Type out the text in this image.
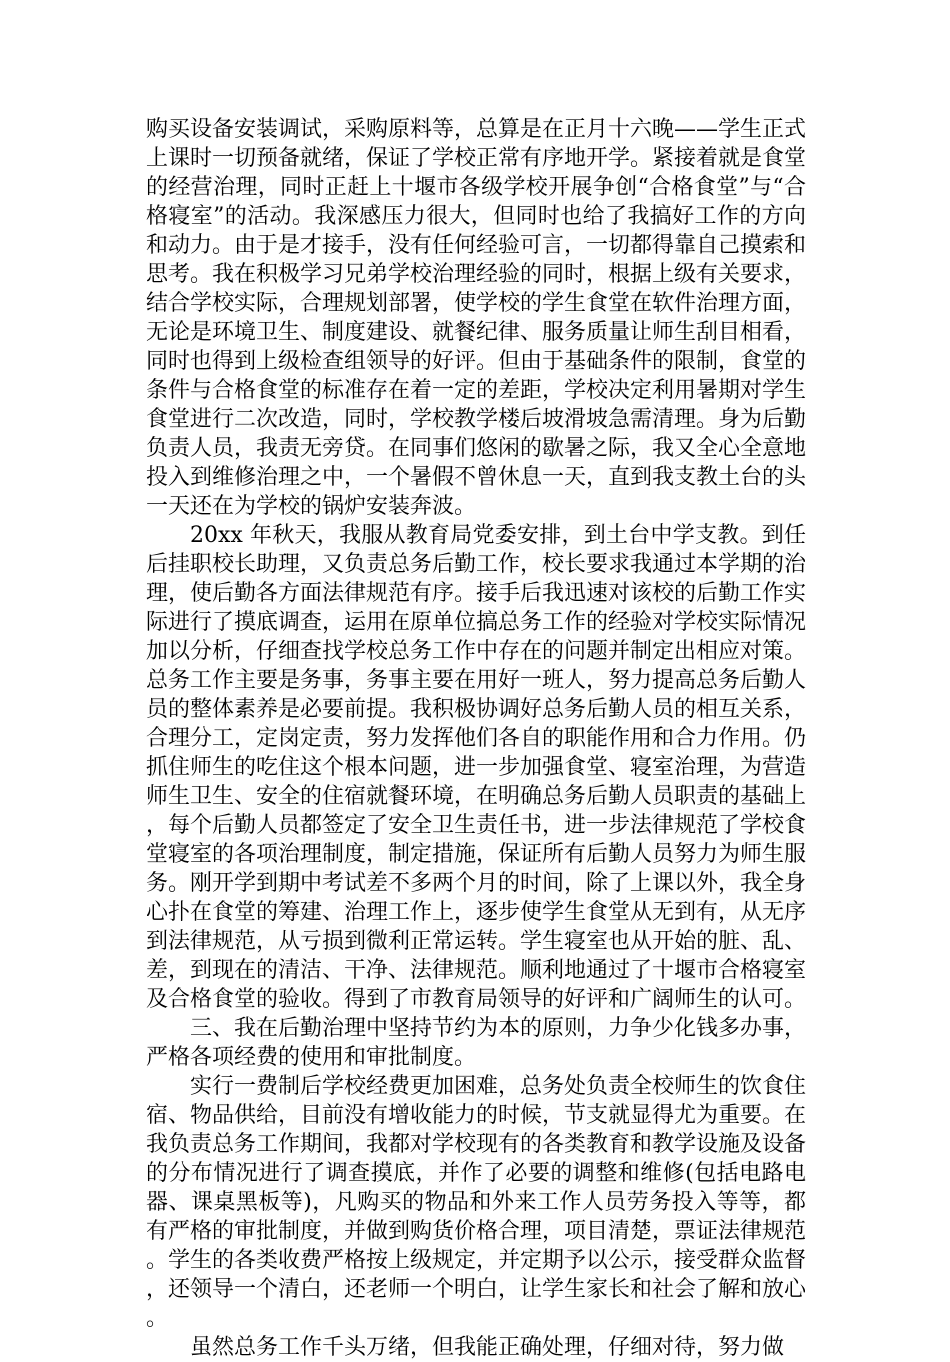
购买设备安装调试，采购原料等，总算是在正月十六晚——学生正式上课时一切预备就绪，保证了学校正常有序地开学。紧接着就是食堂的经营治理，同时正赶上十堰市各级学校开展争创“合格食堂”与“合格寝室”的活动。我深感压力很大，但同时也给了我搞好工作的方向和动力。由于是才接手，没有任何经验可言，一切都得靠自己摸索和思考。我在积极学习兄弟学校治理经验的同时，根据上级有关要求，结合学校实际，合理规划部署，使学校的学生食堂在软件治理方面，无论是环境卫生、制度建设、就餐纪律、服务质量让师生刮目相看，同时也得到上级检查组领导的好评。但由于基础条件的限制，食堂的条件与合格食堂的标准存在着一定的差距，学校决定利用暑期对学生食堂进行二次改造，同时，学校教学楼后坡滑坡急需清理。身为后勤负责人员，我责无旁贷。在同事们悠闲的歇暑之际，我又全心全意地投入到维修治理之中，一个暑假不曾休息一天，直到我支教土台的头一天还在为学校的锅炉安装奔波。

20xx 年秋天，我服从教育局党委安排，到土台中学支教。到任后挂职校长助理，又负责总务后勤工作，校长要求我通过本学期的治理，使后勤各方面法律规范有序。接手后我迅速对该校的后勤工作实际进行了摸底调查，运用在原单位搞总务工作的经验对学校实际情况加以分析，仔细查找学校总务工作中存在的问题并制定出相应对策。总务工作主要是务事，务事主要在用好一班人，努力提高总务后勤人员的整体素养是必要前提。我积极协调好总务后勤人员的相互关系，合理分工，定岗定责，努力发挥他们各自的职能作用和合力作用。仍抓住师生的吃住这个根本问题，进一步加强食堂、寝室治理，为营造师生卫生、安全的住宿就餐环境，在明确总务后勤人员职责的基础上，每个后勤人员都签定了安全卫生责任书，进一步法律规范了学校食堂寝室的各项治理制度，制定措施，保证所有后勤人员努力为师生服务。刚开学到期中考试差不多两个月的时间，除了上课以外，我全身心扑在食堂的筹建、治理工作上，逐步使学生食堂从无到有，从无序到法律规范，从亏损到微利正常运转。学生寝室也从开始的脏、乱、差，到现在的清洁、干净、法律规范。顺利地通过了十堰市合格寝室及合格食堂的验收。得到了市教育局领导的好评和广阔师生的认可。

三、我在后勤治理中坚持节约为本的原则，力争少化钱多办事，严格各项经费的使用和审批制度。

实行一费制后学校经费更加困难，总务处负责全校师生的饮食住宿、物品供给，目前没有增收能力的时候，节支就显得尤为重要。在我负责总务工作期间，我都对学校现有的各类教育和教学设施及设备的分布情况进行了调查摸底，并作了必要的调整和维修(包括电路电器、课桌黑板等)，凡购买的物品和外来工作人员劳务投入等等，都有严格的审批制度，并做到购货价格合理，项目清楚，票证法律规范。学生的各类收费严格按上级规定，并定期予以公示，接受群众监督，还领导一个清白，还老师一个明白，让学生家长和社会了解和放心。

虽然总务工作千头万绪，但我能正确处理，仔细对待，努力做
